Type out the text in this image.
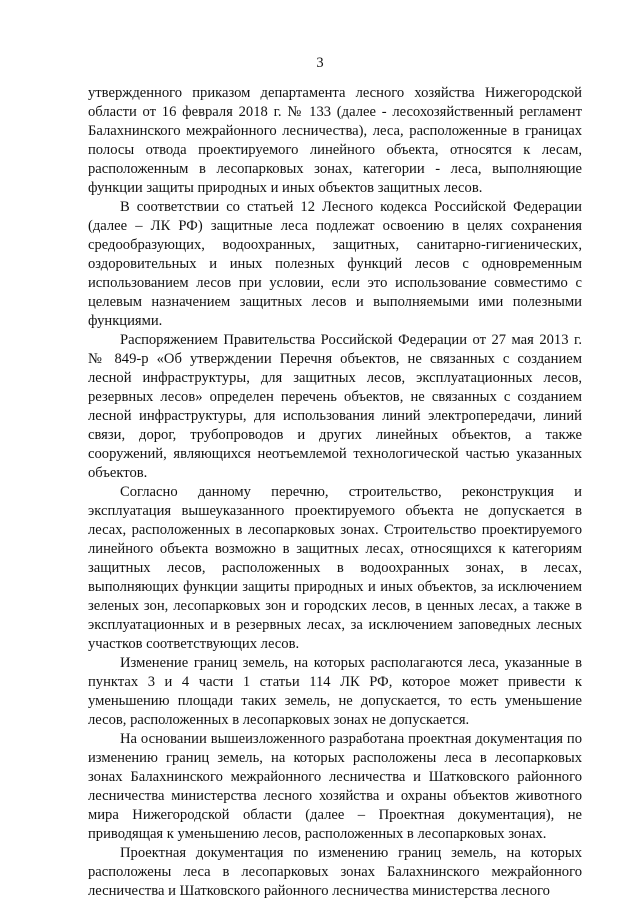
3

утвержденного приказом департамента лесного хозяйства Нижегородской области от 16 февраля 2018 г. № 133 (далее - лесохозяйственный регламент Балахнинского межрайонного лесничества), леса, расположенные в границах полосы отвода проектируемого линейного объекта, относятся к лесам, расположенным в лесопарковых зонах, категории - леса, выполняющие функции защиты природных и иных объектов защитных лесов.

В соответствии со статьей 12 Лесного кодекса Российской Федерации (далее – ЛК РФ) защитные леса подлежат освоению в целях сохранения средообразующих, водоохранных, защитных, санитарно-гигиенических, оздоровительных и иных полезных функций лесов с одновременным использованием лесов при условии, если это использование совместимо с целевым назначением защитных лесов и выполняемыми ими полезными функциями.

Распоряжением Правительства Российской Федерации от 27 мая 2013 г. № 849-р «Об утверждении Перечня объектов, не связанных с созданием лесной инфраструктуры, для защитных лесов, эксплуатационных лесов, резервных лесов» определен перечень объектов, не связанных с созданием лесной инфраструктуры, для использования линий электропередачи, линий связи, дорог, трубопроводов и других линейных объектов, а также сооружений, являющихся неотъемлемой технологической частью указанных объектов.

Согласно данному перечню, строительство, реконструкция и эксплуатация вышеуказанного проектируемого объекта не допускается в лесах, расположенных в лесопарковых зонах. Строительство проектируемого линейного объекта возможно в защитных лесах, относящихся к категориям защитных лесов, расположенных в водоохранных зонах, в лесах, выполняющих функции защиты природных и иных объектов, за исключением зеленых зон, лесопарковых зон и городских лесов, в ценных лесах, а также в эксплуатационных и в резервных лесах, за исключением заповедных лесных участков соответствующих лесов.

Изменение границ земель, на которых располагаются леса, указанные в пунктах 3 и 4 части 1 статьи 114 ЛК РФ, которое может привести к уменьшению площади таких земель, не допускается, то есть уменьшение лесов, расположенных в лесопарковых зонах не допускается.

На основании вышеизложенного разработана проектная документация по изменению границ земель, на которых расположены леса в лесопарковых зонах Балахнинского межрайонного лесничества и Шатковского районного лесничества министерства лесного хозяйства и охраны объектов животного мира Нижегородской области (далее – Проектная документация), не приводящая к уменьшению лесов, расположенных в лесопарковых зонах.

Проектная документация по изменению границ земель, на которых расположены леса в лесопарковых зонах Балахнинского межрайонного лесничества и Шатковского районного лесничества министерства лесного
